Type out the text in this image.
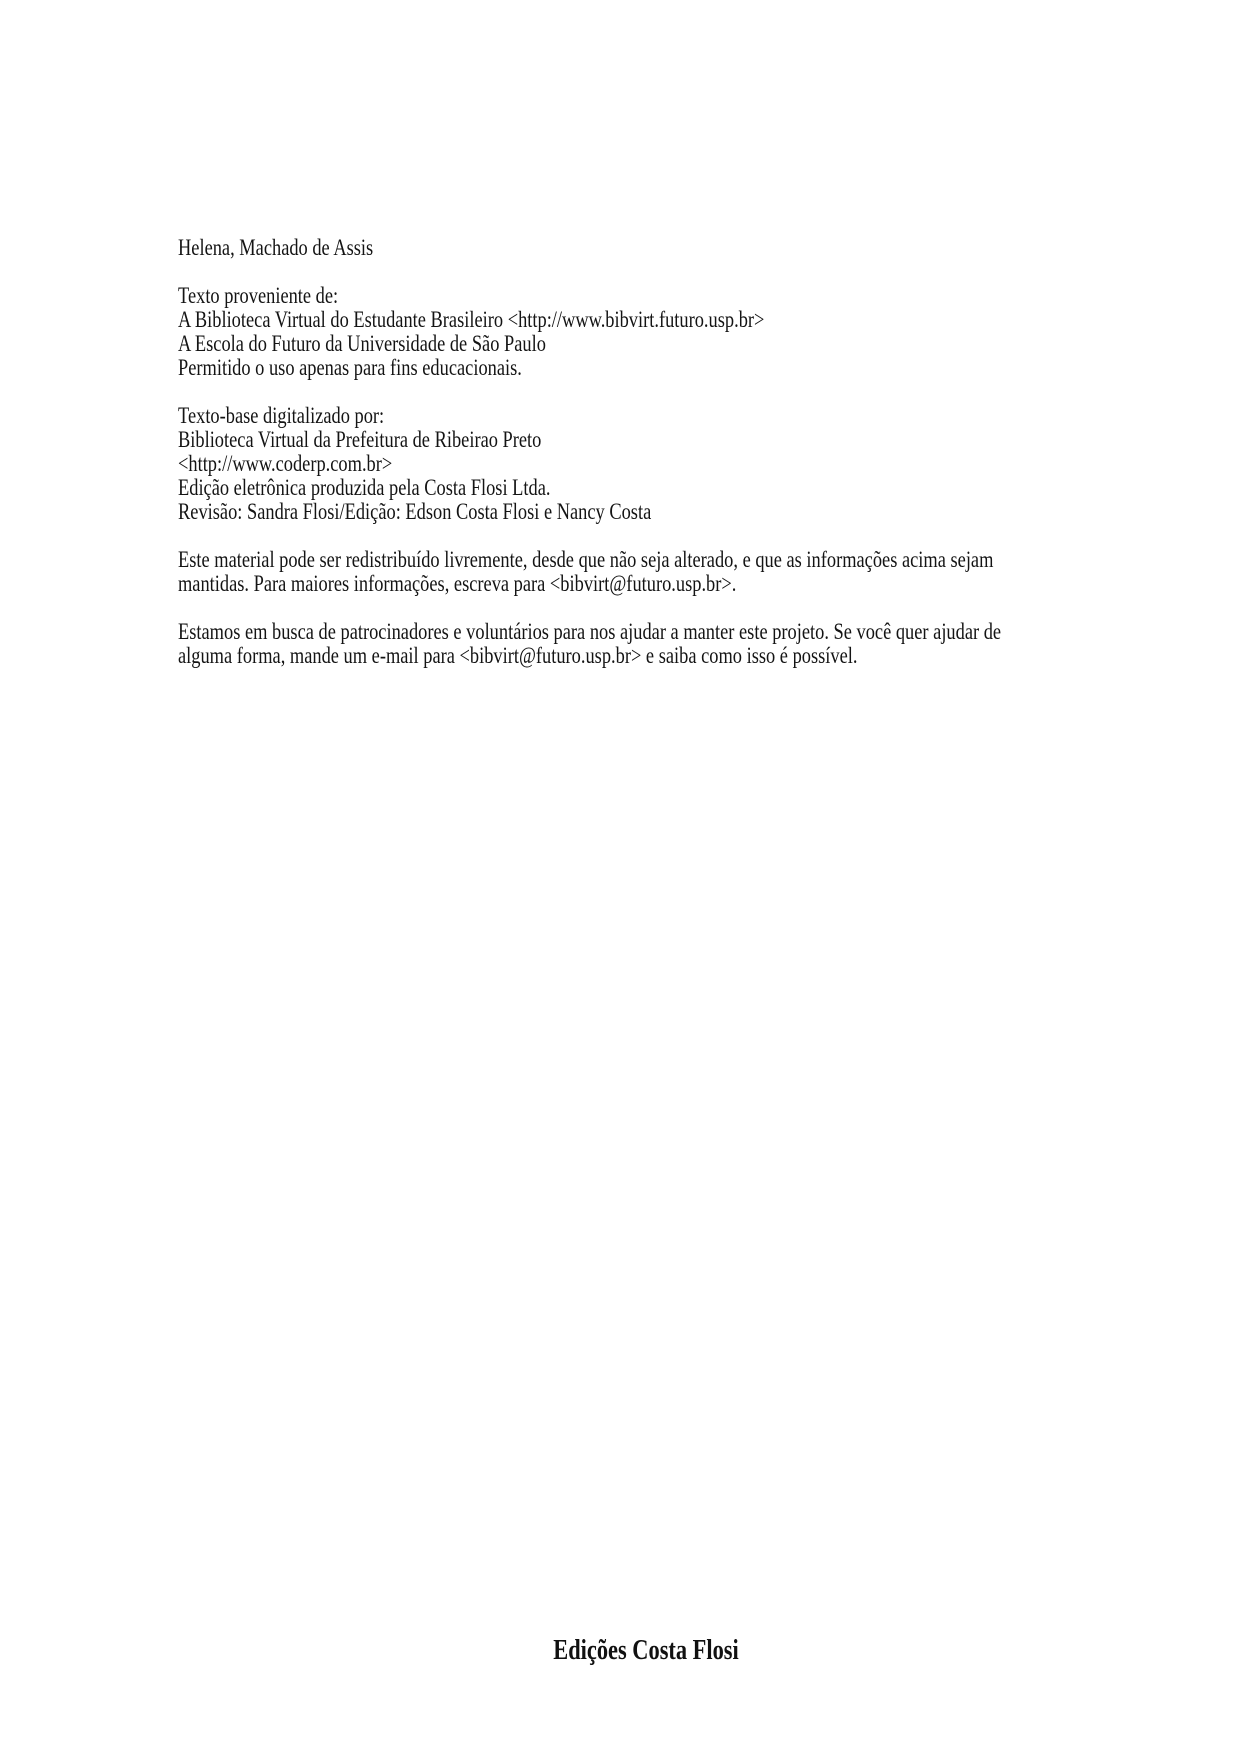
Helena, Machado de Assis
Texto proveniente de:
A Biblioteca Virtual do Estudante Brasileiro <http://www.bibvirt.futuro.usp.br>
A Escola do Futuro da Universidade de São Paulo
Permitido o uso apenas para fins educacionais.
Texto-base digitalizado por:
Biblioteca Virtual da Prefeitura de Ribeirao Preto
<http://www.coderp.com.br>
Edição eletrônica produzida pela Costa Flosi Ltda.
Revisão: Sandra Flosi/Edição: Edson Costa Flosi e Nancy Costa
Este material pode ser redistribuído livremente, desde que não seja alterado, e que as informações acima sejam
mantidas. Para maiores informações, escreva para <bibvirt@futuro.usp.br>.
Estamos em busca de patrocinadores e voluntários para nos ajudar a manter este projeto. Se você quer ajudar de
alguma forma, mande um e-mail para <bibvirt@futuro.usp.br> e saiba como isso é possível.
Edições Costa Flosi
